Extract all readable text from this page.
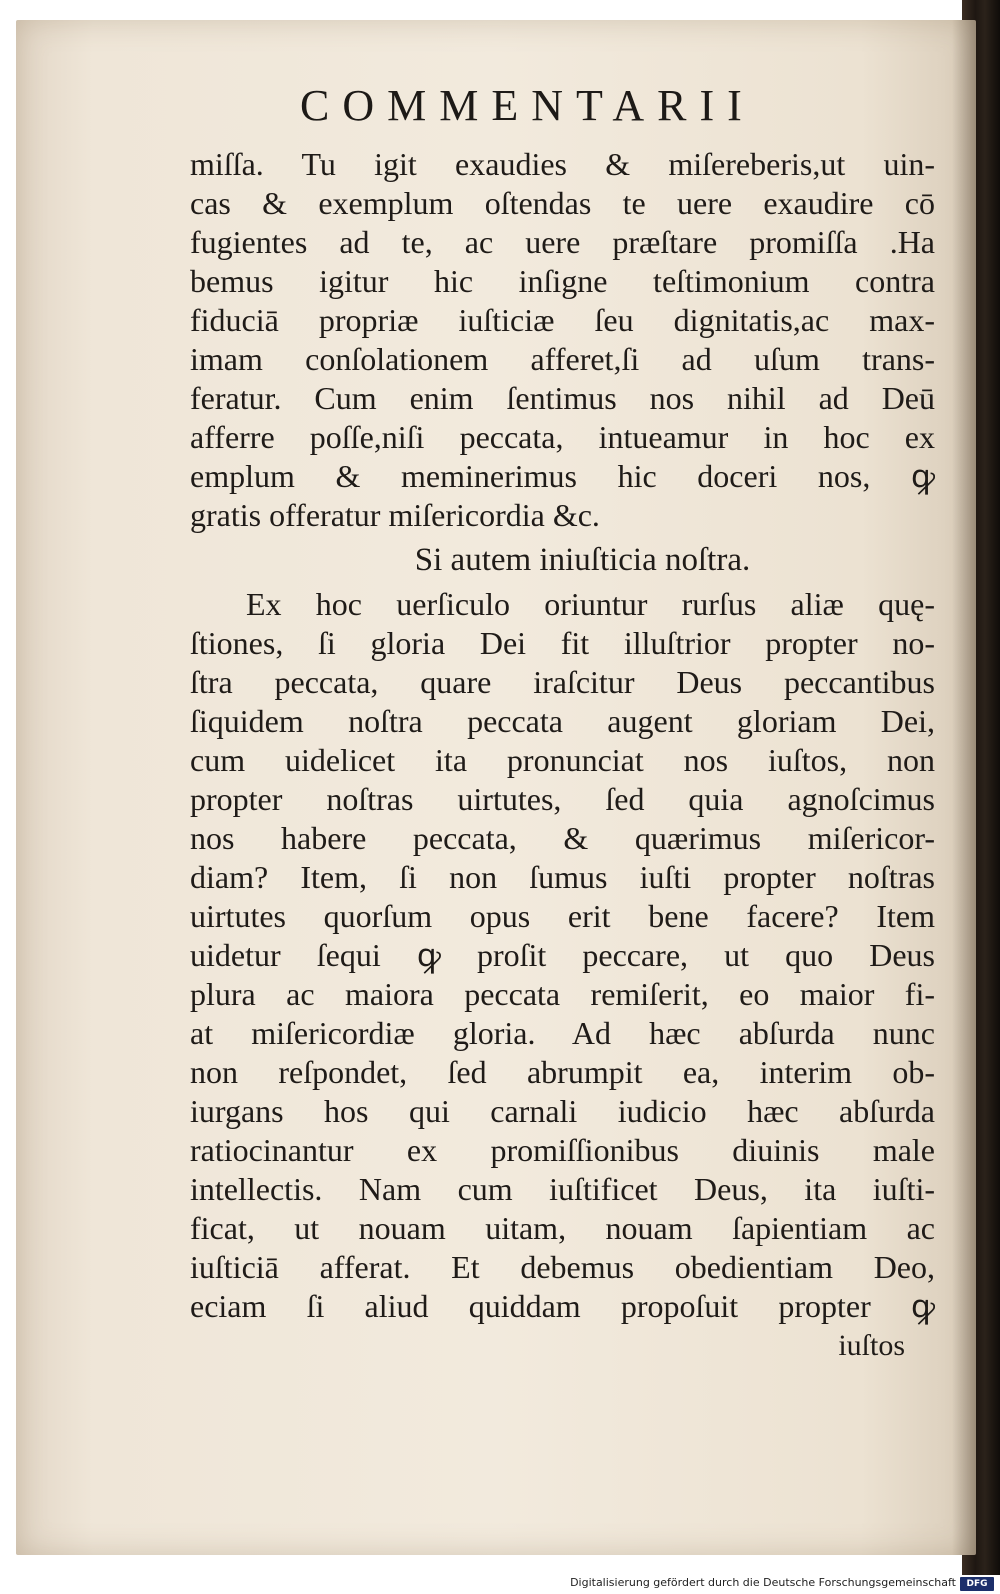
COMMENTARII
miſſa. Tu igit exaudies & miſereberis,ut uin-
cas & exemplum oſtendas te uere exaudire cō
fugientes ad te, ac uere præſtare promiſſa .Ha
bemus igitur hic inſigne teſtimonium contra
fiduciā propriæ iuſticiæ ſeu dignitatis,ac max-
imam conſolationem afferet,ſi ad uſum trans-
feratur. Cum enim ſentimus nos nihil ad Deū
afferre poſſe,niſi peccata, intueamur in hoc ex
emplum & meminerimus hic doceri nos, ꝙ
gratis offeratur miſericordia &c.
Si autem iniuſticia noſtra.
Ex hoc uerſiculo oriuntur rurſus aliæ quę-
ſtiones, ſi gloria Dei fit illuſtrior propter no-
ſtra peccata, quare iraſcitur Deus peccantibus
ſiquidem noſtra peccata augent gloriam Dei,
cum uidelicet ita pronunciat nos iuſtos, non
propter noſtras uirtutes, ſed quia agnoſcimus
nos habere peccata, & quærimus miſericor-
diam? Item, ſi non ſumus iuſti propter noſtras
uirtutes quorſum opus erit bene facere? Item
uidetur ſequi ꝙ proſit peccare, ut quo Deus
plura ac maiora peccata remiſerit, eo maior fi-
at miſericordiæ gloria. Ad hæc abſurda nunc
non reſpondet, ſed abrumpit ea, interim ob-
iurgans hos qui carnali iudicio hæc abſurda
ratiocinantur ex promiſſionibus diuinis male
intellectis. Nam cum iuſtificet Deus, ita iuſti-
ficat, ut nouam uitam, nouam ſapientiam ac
iuſticiā afferat. Et debemus obedientiam Deo,
eciam ſi aliud quiddam propoſuit propter ꝙ
iuſtos
Digitalisierung gefördert durch die Deutsche Forschungsgemeinschaft	DFG
